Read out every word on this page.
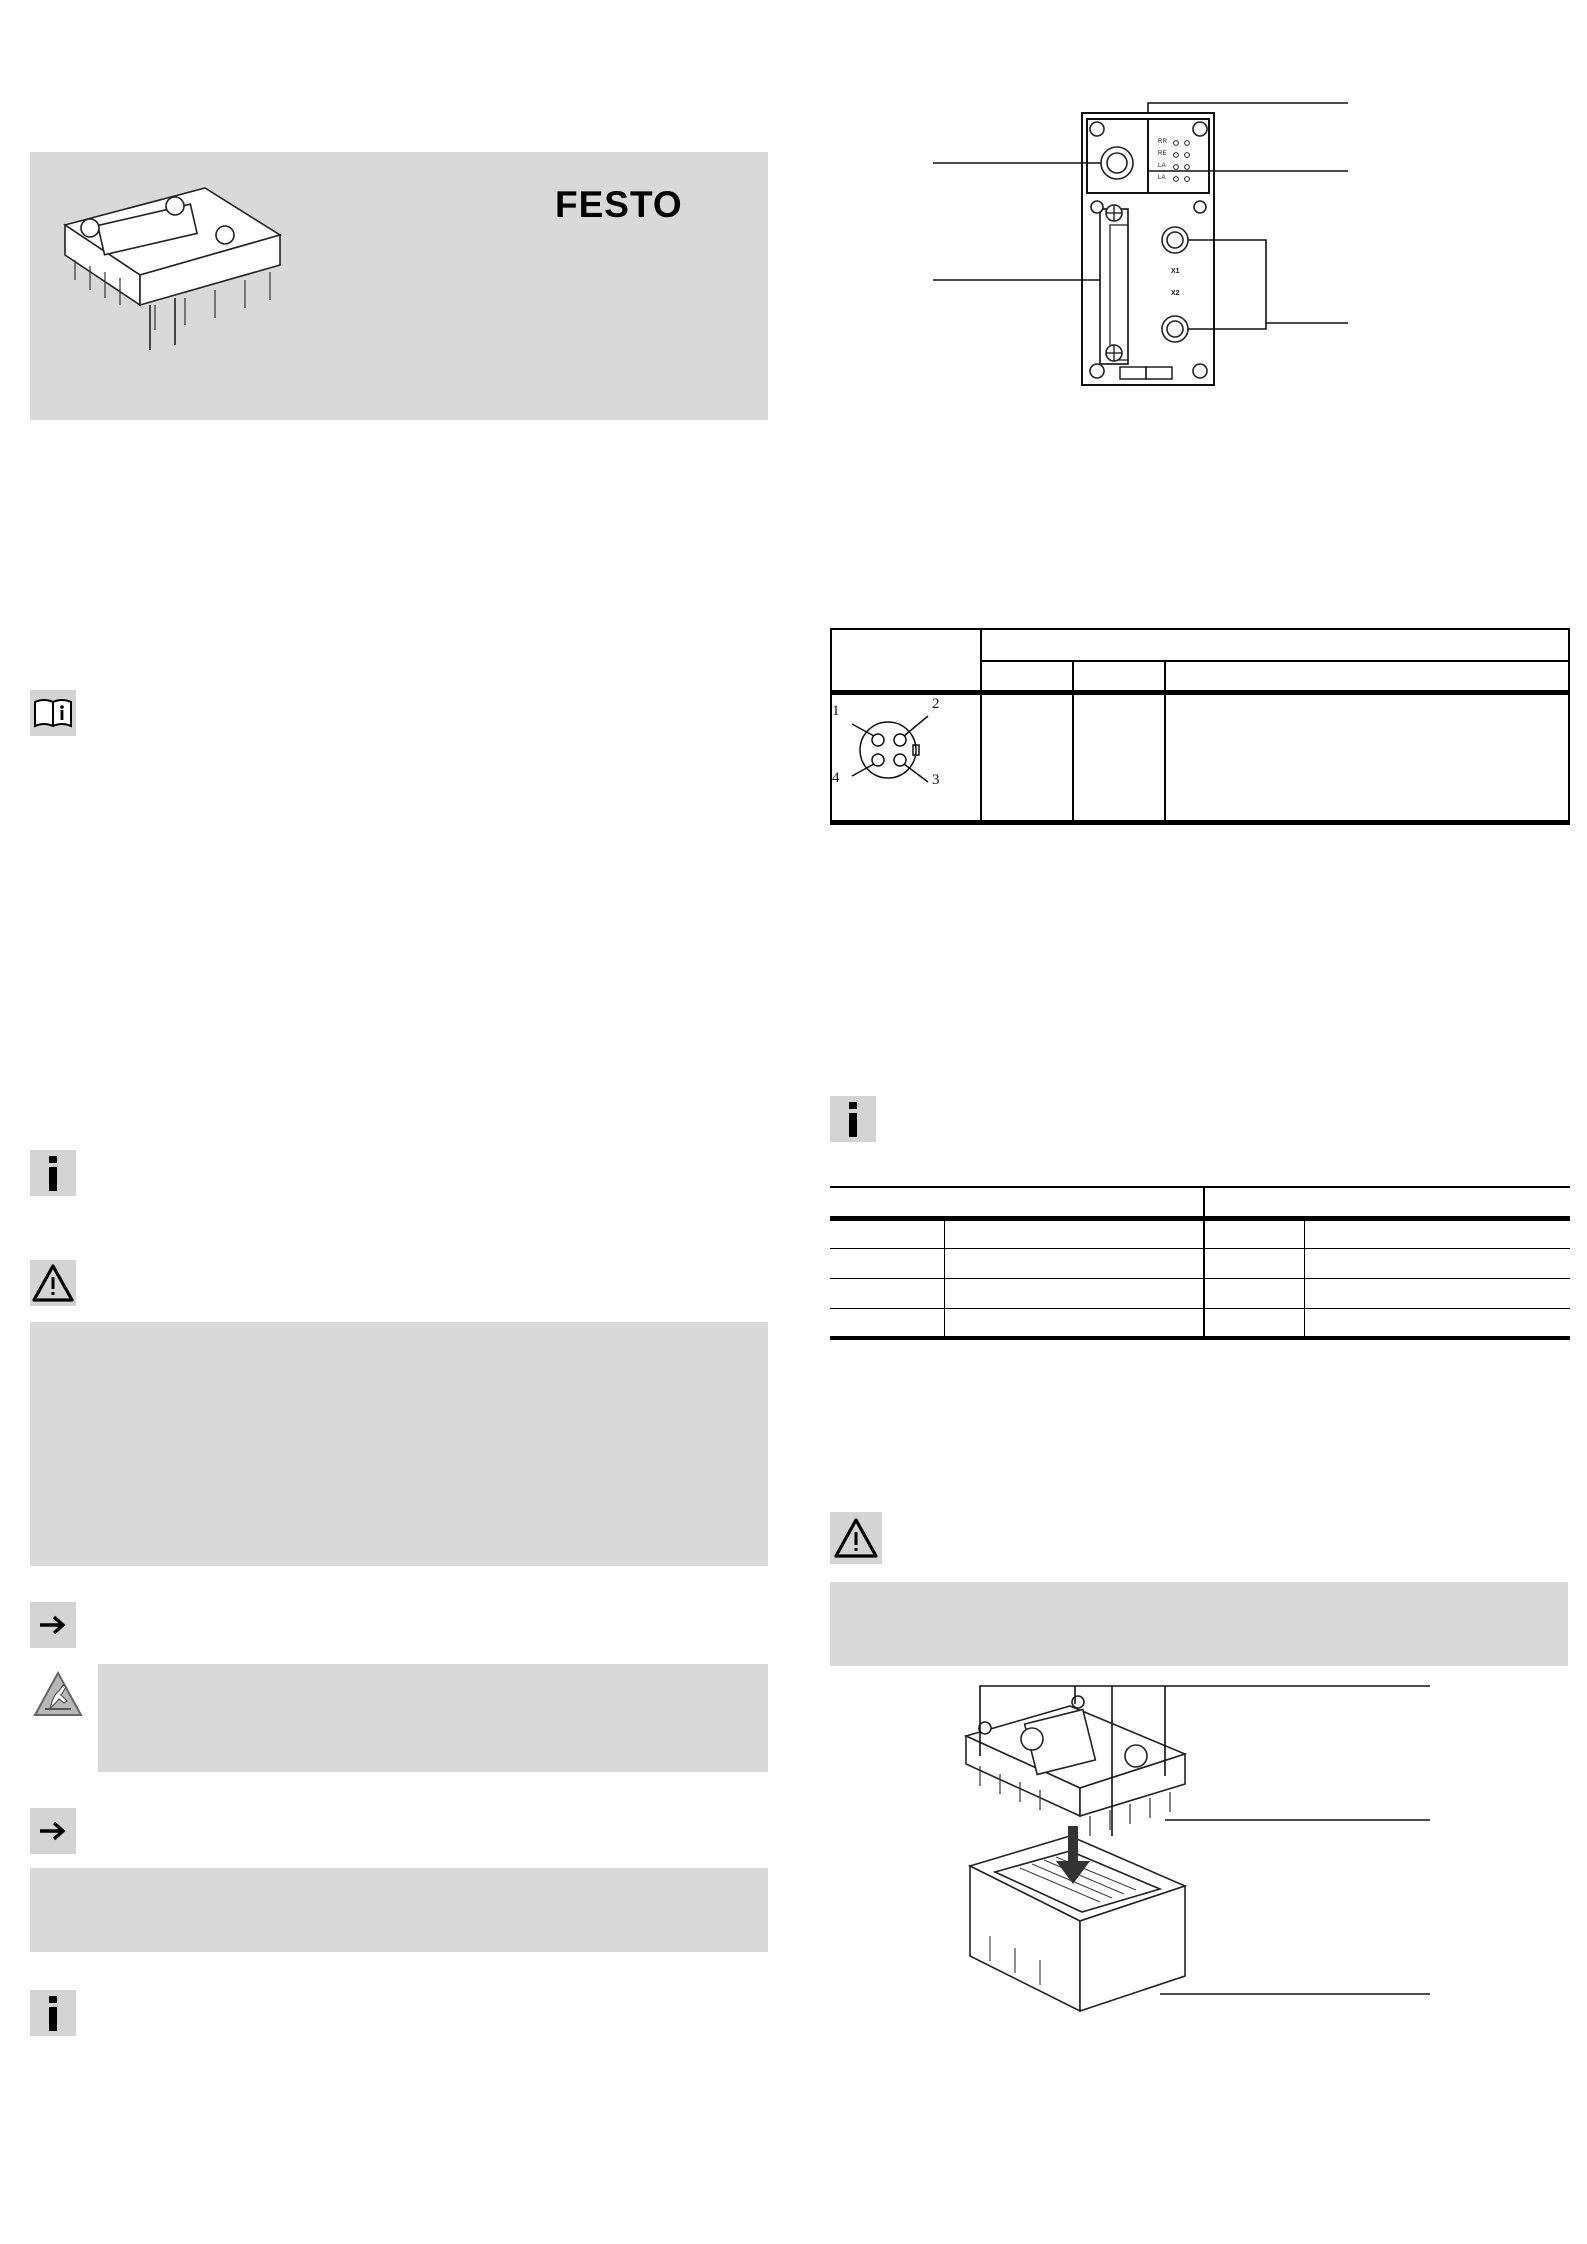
FESTO
RR
RE
LA
LA
X1
X2
1	2
3
4
